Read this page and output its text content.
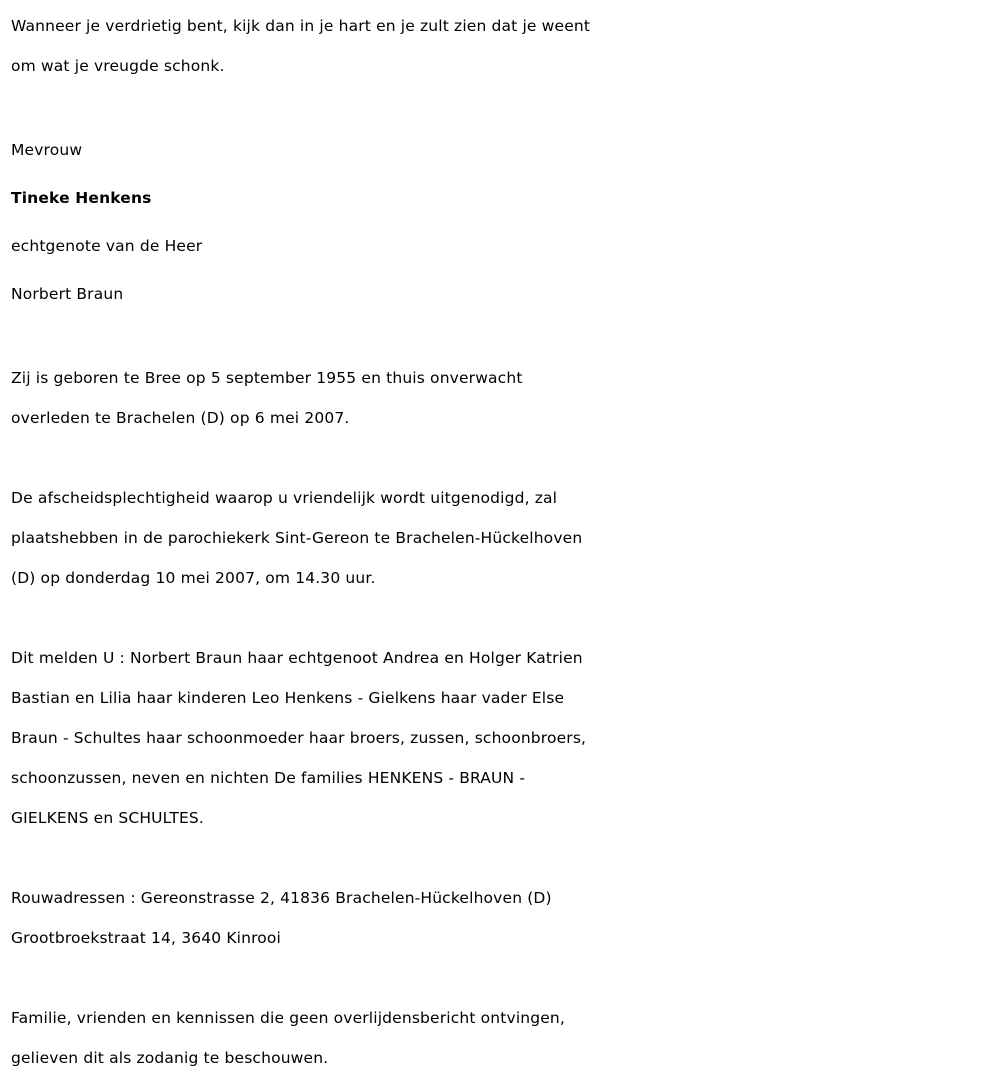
Wanneer je verdrietig bent, kijk dan in je hart en je zult zien dat je weent

om wat je vreugde schonk.

Mevrouw

Tineke Henkens

echtgenote van de Heer

Norbert Braun

Zij is geboren te Bree op 5 september 1955 en thuis onverwacht

overleden te Brachelen (D) op 6 mei 2007.

De afscheidsplechtigheid waarop u vriendelijk wordt uitgenodigd, zal

plaatshebben in de parochiekerk Sint-Gereon te Brachelen-Hückelhoven

(D) op donderdag 10 mei 2007, om 14.30 uur.

Dit melden U : Norbert Braun haar echtgenoot Andrea en Holger Katrien

Bastian en Lilia haar kinderen Leo Henkens - Gielkens haar vader Else

Braun - Schultes haar schoonmoeder haar broers, zussen, schoonbroers,

schoonzussen, neven en nichten De families HENKENS - BRAUN -

GIELKENS en SCHULTES.

Rouwadressen : Gereonstrasse 2, 41836 Brachelen-Hückelhoven (D)

Grootbroekstraat 14, 3640 Kinrooi

Familie, vrienden en kennissen die geen overlijdensbericht ontvingen,

gelieven dit als zodanig te beschouwen.
